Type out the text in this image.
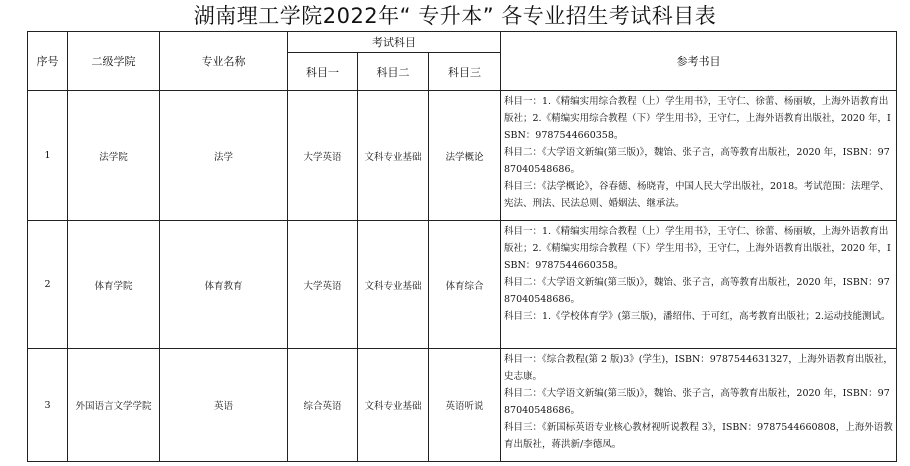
湖南理工学院2022年“ 专升本” 各专业招生考试科目表
序号	二级学院	专业名称	考试科目			参考书目
			科目一	科目二	科目三	
1	法学院	法学	大学英语	文科专业基础	法学概论	科目一：1.《精编实用综合教程（上）学生用书》，王守仁、徐蕾、杨丽敏，上海外语教育出版社；2.《精编实用综合教程（下）学生用书》，王守仁，上海外语教育出版社，2020 年，ISBN：9787544660358。
科目二：《大学语文新编(第三版)》，魏饴、张子言，高等教育出版社，2020 年，ISBN：9787040548686。
科目三：《法学概论》，谷春德、杨晓青，中国人民大学出版社，2018。考试范围：法理学、宪法、刑法、民法总则、婚姻法、继承法。

2	体育学院	体育教育	大学英语	文科专业基础	体育综合	科目一：1.《精编实用综合教程（上）学生用书》，王守仁、徐蕾、杨丽敏，上海外语教育出版社；2.《精编实用综合教程（下）学生用书》，王守仁，上海外语教育出版社，2020 年，ISBN：9787544660358。
科目二：《大学语文新编(第三版)》，魏饴、张子言，高等教育出版社，2020 年，ISBN：9787040548686。
科目三：1.《学校体育学》(第三版)，潘绍伟、于可红，高考教育出版社；2.运动技能测试。

3	外国语言文学学院	英语	综合英语	文科专业基础	英语听说	科目一：《综合教程(第 2 版)3》(学生)，ISBN：9787544631327，上海外语教育出版社，史志康。
科目二：《大学语文新编(第三版)》，魏饴、张子言，高等教育出版社，2020 年，ISBN：9787040548686。
科目三：《新国标英语专业核心教材视听说教程 3》，ISBN：9787544660808，上海外语教育出版社，蒋洪新/李德凤。
